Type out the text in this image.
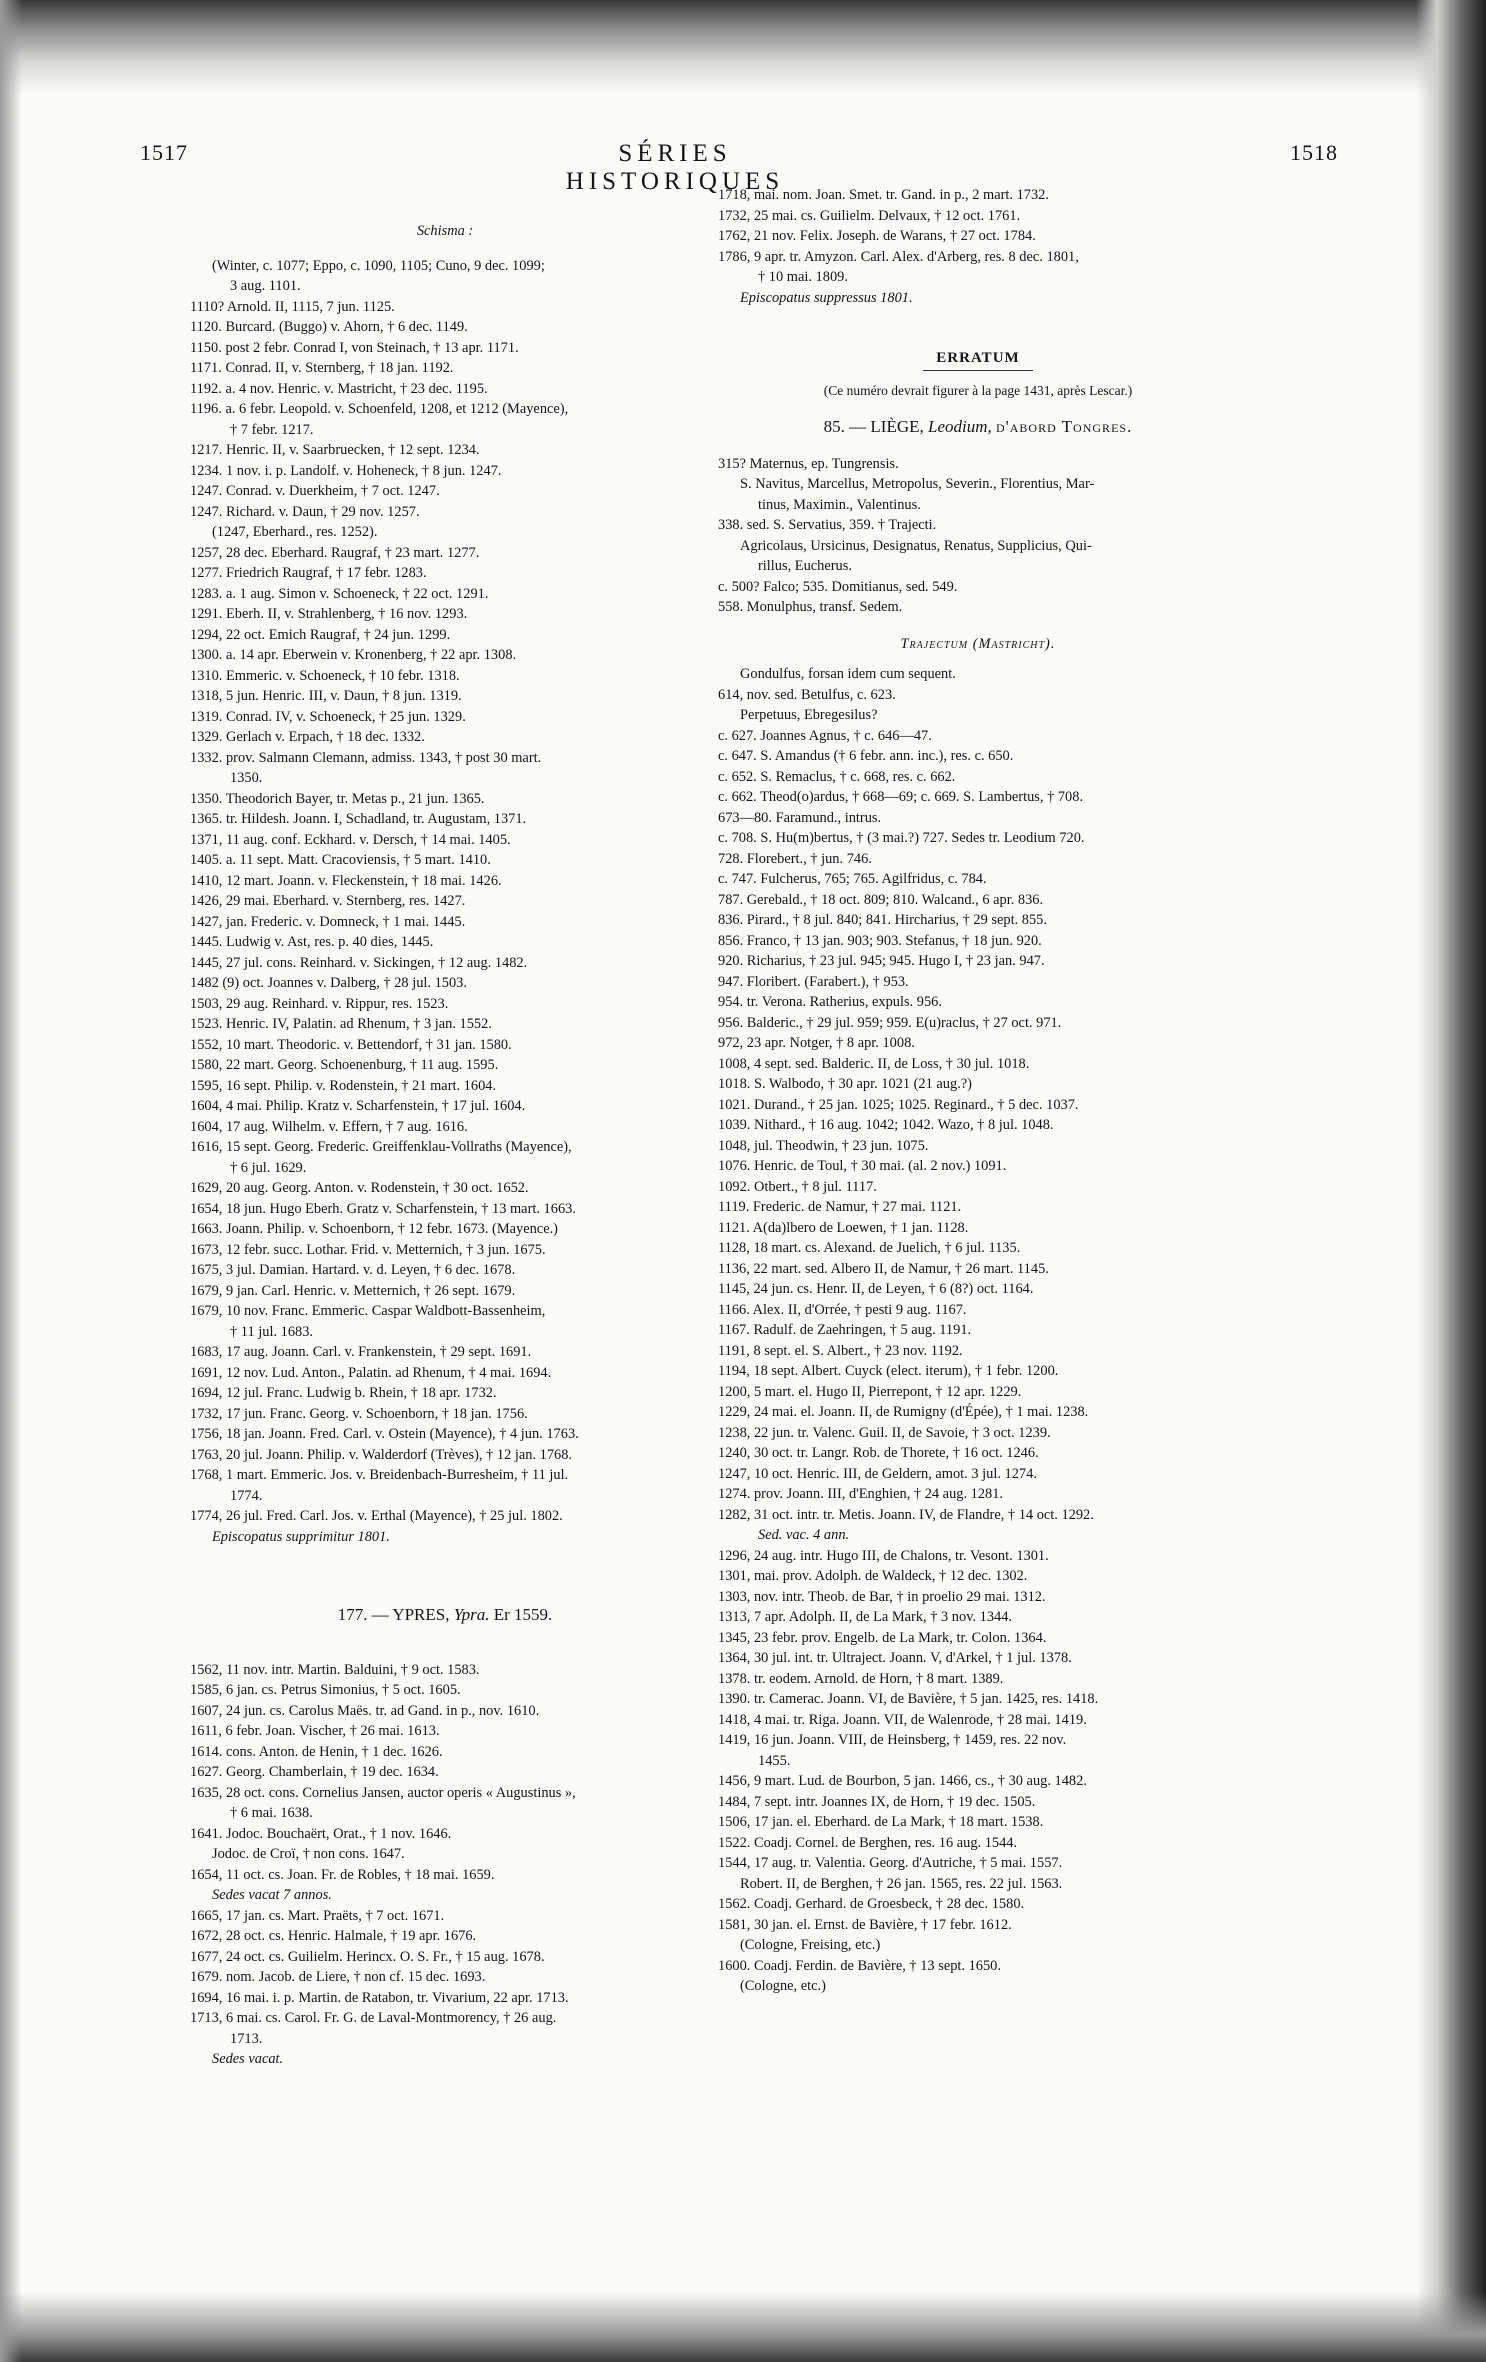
1517	SÉRIES HISTORIQUES
1518
Schisma :
(Winter, c. 1077; Eppo, c. 1090, 1105; Cuno, 9 dec. 1099;
3 aug. 1101.
1110? Arnold. II, 1115, 7 jun. 1125.
1120. Burcard. (Buggo) v. Ahorn, † 6 dec. 1149.
1150. post 2 febr. Conrad I, von Steinach, † 13 apr. 1171.
1171. Conrad. II, v. Sternberg, † 18 jan. 1192.
1192. a. 4 nov. Henric. v. Mastricht, † 23 dec. 1195.
1196. a. 6 febr. Leopold. v. Schoenfeld, 1208, et 1212 (Mayence),
† 7 febr. 1217.
1217. Henric. II, v. Saarbruecken, † 12 sept. 1234.
1234. 1 nov. i. p. Landolf. v. Hoheneck, † 8 jun. 1247.
1247. Conrad. v. Duerkheim, † 7 oct. 1247.
1247. Richard. v. Daun, † 29 nov. 1257.
(1247, Eberhard., res. 1252).
1257, 28 dec. Eberhard. Raugraf, † 23 mart. 1277.
1277. Friedrich Raugraf, † 17 febr. 1283.
1283. a. 1 aug. Simon v. Schoeneck, † 22 oct. 1291.
1291. Eberh. II, v. Strahlenberg, † 16 nov. 1293.
1294, 22 oct. Emich Raugraf, † 24 jun. 1299.
1300. a. 14 apr. Eberwein v. Kronenberg, † 22 apr. 1308.
1310. Emmeric. v. Schoeneck, † 10 febr. 1318.
1318, 5 jun. Henric. III, v. Daun, † 8 jun. 1319.
1319. Conrad. IV, v. Schoeneck, † 25 jun. 1329.
1329. Gerlach v. Erpach, † 18 dec. 1332.
1332. prov. Salmann Clemann, admiss. 1343, † post 30 mart.
1350.
1350. Theodorich Bayer, tr. Metas p., 21 jun. 1365.
1365. tr. Hildesh. Joann. I, Schadland, tr. Augustam, 1371.
1371, 11 aug. conf. Eckhard. v. Dersch, † 14 mai. 1405.
1405. a. 11 sept. Matt. Cracoviensis, † 5 mart. 1410.
1410, 12 mart. Joann. v. Fleckenstein, † 18 mai. 1426.
1426, 29 mai. Eberhard. v. Sternberg, res. 1427.
1427, jan. Frederic. v. Domneck, † 1 mai. 1445.
1445. Ludwig v. Ast, res. p. 40 dies, 1445.
1445, 27 jul. cons. Reinhard. v. Sickingen, † 12 aug. 1482.
1482 (9) oct. Joannes v. Dalberg, † 28 jul. 1503.
1503, 29 aug. Reinhard. v. Rippur, res. 1523.
1523. Henric. IV, Palatin. ad Rhenum, † 3 jan. 1552.
1552, 10 mart. Theodoric. v. Bettendorf, † 31 jan. 1580.
1580, 22 mart. Georg. Schoenenburg, † 11 aug. 1595.
1595, 16 sept. Philip. v. Rodenstein, † 21 mart. 1604.
1604, 4 mai. Philip. Kratz v. Scharfenstein, † 17 jul. 1604.
1604, 17 aug. Wilhelm. v. Effern, † 7 aug. 1616.
1616, 15 sept. Georg. Frederic. Greiffenklau-Vollraths (Mayence),
† 6 jul. 1629.
1629, 20 aug. Georg. Anton. v. Rodenstein, † 30 oct. 1652.
1654, 18 jun. Hugo Eberh. Gratz v. Scharfenstein, † 13 mart. 1663.
1663. Joann. Philip. v. Schoenborn, † 12 febr. 1673. (Mayence.)
1673, 12 febr. succ. Lothar. Frid. v. Metternich, † 3 jun. 1675.
1675, 3 jul. Damian. Hartard. v. d. Leyen, † 6 dec. 1678.
1679, 9 jan. Carl. Henric. v. Metternich, † 26 sept. 1679.
1679, 10 nov. Franc. Emmeric. Caspar Waldbott-Bassenheim,
† 11 jul. 1683.
1683, 17 aug. Joann. Carl. v. Frankenstein, † 29 sept. 1691.
1691, 12 nov. Lud. Anton., Palatin. ad Rhenum, † 4 mai. 1694.
1694, 12 jul. Franc. Ludwig b. Rhein, † 18 apr. 1732.
1732, 17 jun. Franc. Georg. v. Schoenborn, † 18 jan. 1756.
1756, 18 jan. Joann. Fred. Carl. v. Ostein (Mayence), † 4 jun. 1763.
1763, 20 jul. Joann. Philip. v. Walderdorf (Trèves), † 12 jan. 1768.
1768, 1 mart. Emmeric. Jos. v. Breidenbach-Burresheim, † 11 jul.
1774.
1774, 26 jul. Fred. Carl. Jos. v. Erthal (Mayence), † 25 jul. 1802.
Episcopatus supprimitur 1801.
177. — YPRES, Ypra. Er 1559.
1562, 11 nov. intr. Martin. Balduini, † 9 oct. 1583.
1585, 6 jan. cs. Petrus Simonius, † 5 oct. 1605.
1607, 24 jun. cs. Carolus Maës. tr. ad Gand. in p., nov. 1610.
1611, 6 febr. Joan. Vischer, † 26 mai. 1613.
1614. cons. Anton. de Henin, † 1 dec. 1626.
1627. Georg. Chamberlain, † 19 dec. 1634.
1635, 28 oct. cons. Cornelius Jansen, auctor operis « Augustinus »,
† 6 mai. 1638.
1641. Jodoc. Bouchaërt, Orat., † 1 nov. 1646.
Jodoc. de Croï, † non cons. 1647.
1654, 11 oct. cs. Joan. Fr. de Robles, † 18 mai. 1659.
Sedes vacat 7 annos.
1665, 17 jan. cs. Mart. Praëts, † 7 oct. 1671.
1672, 28 oct. cs. Henric. Halmale, † 19 apr. 1676.
1677, 24 oct. cs. Guilielm. Herincx. O. S. Fr., † 15 aug. 1678.
1679. nom. Jacob. de Liere, † non cf. 15 dec. 1693.
1694, 16 mai. i. p. Martin. de Ratabon, tr. Vivarium, 22 apr. 1713.
1713, 6 mai. cs. Carol. Fr. G. de Laval-Montmorency, † 26 aug.
1713.
Sedes vacat.
1718, mai. nom. Joan. Smet. tr. Gand. in p., 2 mart. 1732.
1732, 25 mai. cs. Guilielm. Delvaux, † 12 oct. 1761.
1762, 21 nov. Felix. Joseph. de Warans, † 27 oct. 1784.
1786, 9 apr. tr. Amyzon. Carl. Alex. d'Arberg, res. 8 dec. 1801,
† 10 mai. 1809.
Episcopatus suppressus 1801.
ERRATUM
(Ce numéro devrait figurer à la page 1431, après Lescar.)
85. — LIÈGE, Leodium, d'abord Tongres.
315? Maternus, ep. Tungrensis.
S. Navitus, Marcellus, Metropolus, Severin., Florentius, Mar-
tinus, Maximin., Valentinus.
338. sed. S. Servatius, 359. † Trajecti.
Agricolaus, Ursicinus, Designatus, Renatus, Supplicius, Qui-
rillus, Eucherus.
c. 500? Falco; 535. Domitianus, sed. 549.
558. Monulphus, transf. Sedem.
Trajectum (Mastricht).
Gondulfus, forsan idem cum sequent.
614, nov. sed. Betulfus, c. 623.
Perpetuus, Ebregesilus?
c. 627. Joannes Agnus, † c. 646—47.
c. 647. S. Amandus († 6 febr. ann. inc.), res. c. 650.
c. 652. S. Remaclus, † c. 668, res. c. 662.
c. 662. Theod(o)ardus, † 668—69; c. 669. S. Lambertus, † 708.
673—80. Faramund., intrus.
c. 708. S. Hu(m)bertus, † (3 mai.?) 727. Sedes tr. Leodium 720.
728. Florebert., † jun. 746.
c. 747. Fulcherus, 765; 765. Agilfridus, c. 784.
787. Gerebald., † 18 oct. 809; 810. Walcand., 6 apr. 836.
836. Pirard., † 8 jul. 840; 841. Hircharius, † 29 sept. 855.
856. Franco, † 13 jan. 903; 903. Stefanus, † 18 jun. 920.
920. Richarius, † 23 jul. 945; 945. Hugo I, † 23 jan. 947.
947. Floribert. (Farabert.), † 953.
954. tr. Verona. Ratherius, expuls. 956.
956. Balderic., † 29 jul. 959; 959. E(u)raclus, † 27 oct. 971.
972, 23 apr. Notger, † 8 apr. 1008.
1008, 4 sept. sed. Balderic. II, de Loss, † 30 jul. 1018.
1018. S. Walbodo, † 30 apr. 1021 (21 aug.?)
1021. Durand., † 25 jan. 1025; 1025. Reginard., † 5 dec. 1037.
1039. Nithard., † 16 aug. 1042; 1042. Wazo, † 8 jul. 1048.
1048, jul. Theodwin, † 23 jun. 1075.
1076. Henric. de Toul, † 30 mai. (al. 2 nov.) 1091.
1092. Otbert., † 8 jul. 1117.
1119. Frederic. de Namur, † 27 mai. 1121.
1121. A(da)lbero de Loewen, † 1 jan. 1128.
1128, 18 mart. cs. Alexand. de Juelich, † 6 jul. 1135.
1136, 22 mart. sed. Albero II, de Namur, † 26 mart. 1145.
1145, 24 jun. cs. Henr. II, de Leyen, † 6 (8?) oct. 1164.
1166. Alex. II, d'Orrée, † pesti 9 aug. 1167.
1167. Radulf. de Zaehringen, † 5 aug. 1191.
1191, 8 sept. el. S. Albert., † 23 nov. 1192.
1194, 18 sept. Albert. Cuyck (elect. iterum), † 1 febr. 1200.
1200, 5 mart. el. Hugo II, Pierrepont, † 12 apr. 1229.
1229, 24 mai. el. Joann. II, de Rumigny (d'Épée), † 1 mai. 1238.
1238, 22 jun. tr. Valenc. Guil. II, de Savoie, † 3 oct. 1239.
1240, 30 oct. tr. Langr. Rob. de Thorete, † 16 oct. 1246.
1247, 10 oct. Henric. III, de Geldern, amot. 3 jul. 1274.
1274. prov. Joann. III, d'Enghien, † 24 aug. 1281.
1282, 31 oct. intr. tr. Metis. Joann. IV, de Flandre, † 14 oct. 1292.
Sed. vac. 4 ann.
1296, 24 aug. intr. Hugo III, de Chalons, tr. Vesont. 1301.
1301, mai. prov. Adolph. de Waldeck, † 12 dec. 1302.
1303, nov. intr. Theob. de Bar, † in proelio 29 mai. 1312.
1313, 7 apr. Adolph. II, de La Mark, † 3 nov. 1344.
1345, 23 febr. prov. Engelb. de La Mark, tr. Colon. 1364.
1364, 30 jul. int. tr. Ultraject. Joann. V, d'Arkel, † 1 jul. 1378.
1378. tr. eodem. Arnold. de Horn, † 8 mart. 1389.
1390. tr. Camerac. Joann. VI, de Bavière, † 5 jan. 1425, res. 1418.
1418, 4 mai. tr. Riga. Joann. VII, de Walenrode, † 28 mai. 1419.
1419, 16 jun. Joann. VIII, de Heinsberg, † 1459, res. 22 nov.
1455.
1456, 9 mart. Lud. de Bourbon, 5 jan. 1466, cs., † 30 aug. 1482.
1484, 7 sept. intr. Joannes IX, de Horn, † 19 dec. 1505.
1506, 17 jan. el. Eberhard. de La Mark, † 18 mart. 1538.
1522. Coadj. Cornel. de Berghen, res. 16 aug. 1544.
1544, 17 aug. tr. Valentia. Georg. d'Autriche, † 5 mai. 1557.
Robert. II, de Berghen, † 26 jan. 1565, res. 22 jul. 1563.
1562. Coadj. Gerhard. de Groesbeck, † 28 dec. 1580.
1581, 30 jan. el. Ernst. de Bavière, † 17 febr. 1612.
(Cologne, Freising, etc.)
1600. Coadj. Ferdin. de Bavière, † 13 sept. 1650.
(Cologne, etc.)
